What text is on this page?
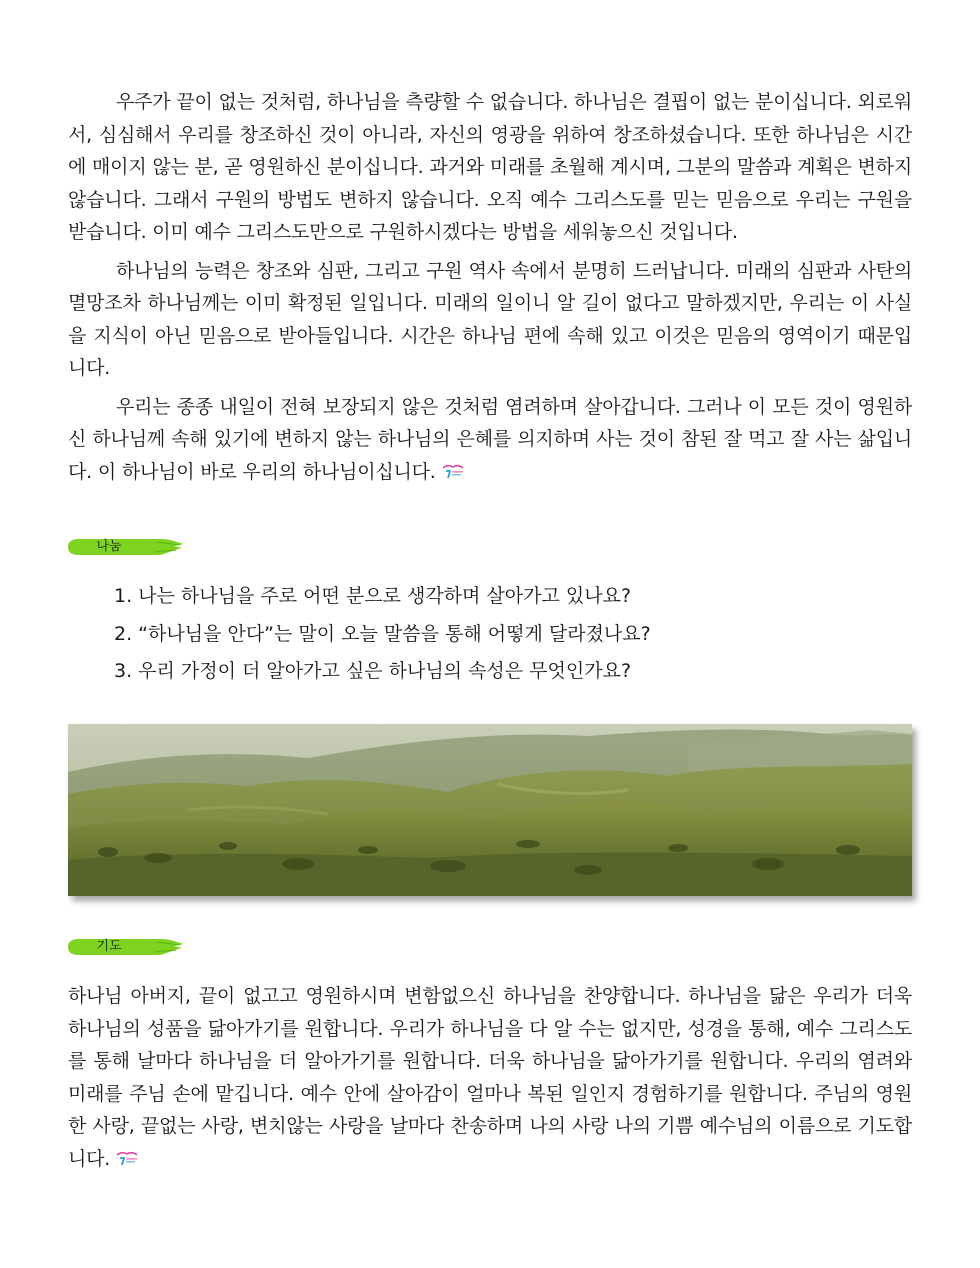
우주가 끝이 없는 것처럼, 하나님을 측량할 수 없습니다. 하나님은 결핍이 없는 분이십니다. 외로워서, 심심해서 우리를 창조하신 것이 아니라, 자신의 영광을 위하여 창조하셨습니다. 또한 하나님은 시간에 매이지 않는 분, 곧 영원하신 분이십니다. 과거와 미래를 초월해 계시며, 그분의 말씀과 계획은 변하지 않습니다. 그래서 구원의 방법도 변하지 않습니다. 오직 예수 그리스도를 믿는 믿음으로 우리는 구원을 받습니다. 이미 예수 그리스도만으로 구원하시겠다는 방법을 세워놓으신 것입니다.

하나님의 능력은 창조와 심판, 그리고 구원 역사 속에서 분명히 드러납니다. 미래의 심판과 사탄의 멸망조차 하나님께는 이미 확정된 일입니다. 미래의 일이니 알 길이 없다고 말하겠지만, 우리는 이 사실을 지식이 아닌 믿음으로 받아들입니다. 시간은 하나님 편에 속해 있고 이것은 믿음의 영역이기 때문입니다.

우리는 종종 내일이 전혀 보장되지 않은 것처럼 염려하며 살아갑니다. 그러나 이 모든 것이 영원하신 하나님께 속해 있기에 변하지 않는 하나님의 은혜를 의지하며 사는 것이 참된 잘 먹고 잘 사는 삶입니다. 이 하나님이 바로 우리의 하나님이십니다.

나눔
1. 나는 하나님을 주로 어떤 분으로 생각하며 살아가고 있나요?
2. “하나님을 안다”는 말이 오늘 말씀을 통해 어떻게 달라졌나요?
3. 우리 가정이 더 알아가고 싶은 하나님의 속성은 무엇인가요?
기도

하나님 아버지, 끝이 없고고 영원하시며 변함없으신 하나님을 찬양합니다. 하나님을 닮은 우리가 더욱 하나님의 성품을 닮아가기를 원합니다. 우리가 하나님을 다 알 수는 없지만, 성경을 통해, 예수 그리스도를 통해 날마다 하나님을 더 알아가기를 원합니다. 더욱 하나님을 닮아가기를 원합니다. 우리의 염려와 미래를 주님 손에 맡깁니다. 예수 안에 살아감이 얼마나 복된 일인지 경험하기를 원합니다. 주님의 영원한 사랑, 끝없는 사랑, 변치않는 사랑을 날마다 찬송하며 나의 사랑 나의 기쁨 예수님의 이름으로 기도합니다.
